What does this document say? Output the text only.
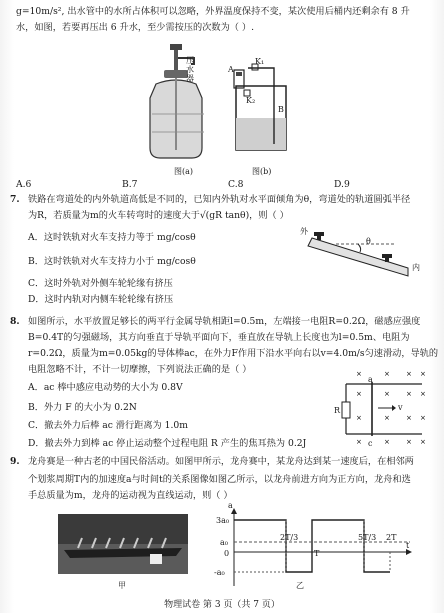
g=10m/s², 出水管中的水所占体积可以忽略，外界温度保持不变，某次使用后桶内还剩余有 8 升
水，如图，若要再压出 6 升水，至少需按压的次数为（ ）.
压水器
图(a)
A
K₁
K₂
B
图(b)
A.6	B.7	C.8	D.9
7. 铁路在弯道处的内外轨道高低是不同的，已知内外轨对水平面倾角为θ，弯道处的轨道圆弧半径
为R，若质量为m的火车转弯时的速度大于√(gR tanθ)，则（ ）
A．这时铁轨对火车支持力等于 mg/cosθ
B．这时铁轨对火车支持力小于 mg/cosθ
C．这时外轨对外侧车轮轮缘有挤压
D．这时内轨对内侧车轮轮缘有挤压
外
内
θ
8. 如图所示，水平放置足够长的两平行金属导轨相距l=0.5m，左端接一电阻R=0.2Ω，磁感应强度
B=0.4T的匀强磁场，其方向垂直于导轨平面向下，垂直放在导轨上长度也为l=0.5m、电阻为
r=0.2Ω，质量为m=0.05kg的导体棒ac，在外力F作用下沿水平向右以v=4.0m/s匀速滑动，导轨的
电阻忽略不计，不计一切摩擦，下列说法正确的是（ ）
A．ac 棒中感应电动势的大小为 0.8V
B．外力 F 的大小为 0.2N
C．撤去外力后棒 ac 滑行距离为 1.0m
D．撤去外力到棒 ac 停止运动整个过程电阻 R 产生的焦耳热为 0.2J
×
×
×
×
×
×
×
×
×
×
×
×
×
×
×
×
R
a
c
v
9. 龙舟赛是一种古老的中国民俗活动。如图甲所示，龙舟赛中，某龙舟达到某一速度后，在相邻两
个划浆周期T内的加速度a与时间t的关系图像如图乙所示，以龙舟前进方向为正方向，龙舟和选
手总质量为m，龙舟的运动视为直线运动，则（ ）
甲
a
t
3a₀
a₀
0
-a₀
2T/3
T
5T/3 2T
乙
物理试卷 第 3 页（共 7 页）
